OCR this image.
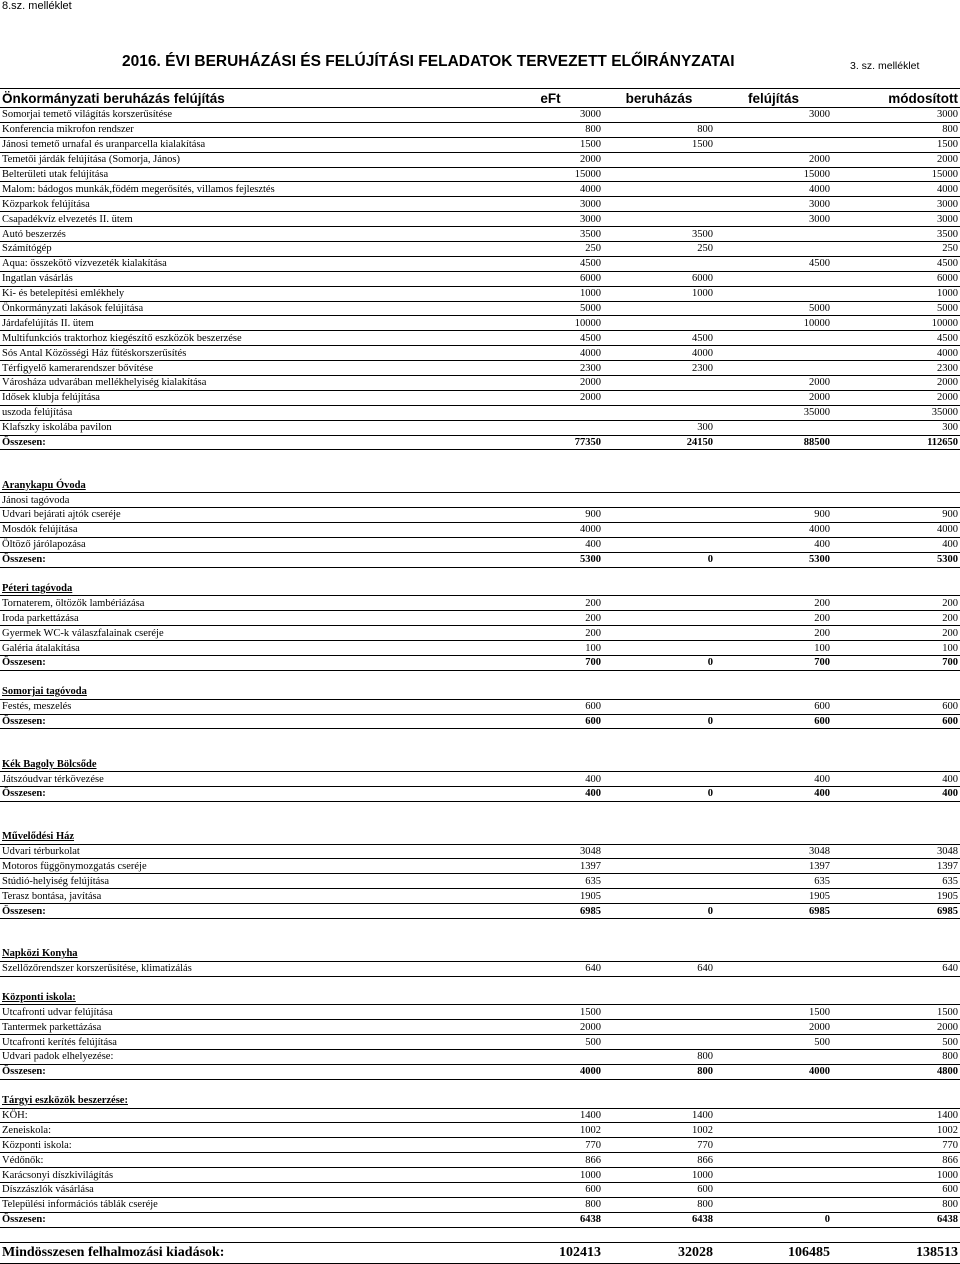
8.sz. melléklet
2016. ÉVI BERUHÁZÁSI ÉS FELÚJÍTÁSI FELADATOK TERVEZETT ELŐIRÁNYZATAI	3. sz. melléklet
Önkormányzati beruházás felújítás	eFt	beruházás	felújítás	módosított
Somorjai temető világítás korszerűsítése	3000		3000	3000
Konferencia mikrofon rendszer	800	800		800
Jánosi temető urnafal és uranparcella kialakítása	1500	1500		1500
Temetői járdák felújítása (Somorja, János)	2000		2000	2000
Belterületi utak felújítása	15000		15000	15000
Malom: bádogos munkák,födém megerősítés, villamos fejlesztés	4000		4000	4000
Közparkok felújítása	3000		3000	3000
Csapadékvíz elvezetés II. ütem	3000		3000	3000
Autó beszerzés	3500	3500		3500
Számítógép	250	250		250
Aqua: összekötő vízvezeték kialakítása	4500		4500	4500
Ingatlan vásárlás	6000	6000		6000
Ki- és betelepítési emlékhely	1000	1000		1000
Önkormányzati lakások felújítása	5000		5000	5000
Járdafelújítás II. ütem	10000		10000	10000
Multifunkciós traktorhoz kiegészítő eszközök beszerzése	4500	4500		4500
Sós Antal Közösségi Ház fűtéskorszerűsítés	4000	4000		4000
Térfigyelő kamerarendszer bővítése	2300	2300		2300
Városháza udvarában mellékhelyiség kialakítása	2000		2000	2000
Idősek klubja felújítása	2000		2000	2000
uszoda felújítása			35000	35000
Klafszky iskolába pavilon		300		300
Összesen:	77350	24150	88500	112650

Aranykapu Óvoda				
Jánosi tagóvoda				
Udvari bejárati ajtók cseréje	900		900	900
Mosdók felújítása	4000		4000	4000
Öltöző járólapozása	400		400	400
Összesen:	5300	0	5300	5300

Péteri tagóvoda				
Tornaterem, öltözők lambériázása	200		200	200
Iroda parkettázása	200		200	200
Gyermek WC-k válaszfalainak cseréje	200		200	200
Galéria átalakítása	100		100	100
Összesen:	700	0	700	700

Somorjai tagóvoda				
Festés, meszelés	600		600	600
Összesen:	600	0	600	600

Kék Bagoly Bölcsőde				
Játszóudvar térkövezése	400		400	400
Összesen:	400	0	400	400

Művelődési Ház				
Udvari térburkolat	3048		3048	3048
Motoros függönymozgatás cseréje	1397		1397	1397
Stúdió-helyiség felújítása	635		635	635
Terasz bontása, javítása	1905		1905	1905
Összesen:	6985	0	6985	6985

Napközi Konyha				
Szellőzőrendszer korszerűsítése, klimatizálás	640	640		640

Központi iskola:				
Utcafronti udvar felújítása	1500		1500	1500
Tantermek parkettázása	2000		2000	2000
Utcafronti kerítés felújítása	500		500	500
Udvari padok elhelyezése:		800		800
Összesen:	4000	800	4000	4800

Tárgyi eszközök beszerzése:				
KÖH:	1400	1400		1400
Zeneiskola:	1002	1002		1002
Központi iskola:	770	770		770
Védőnők:	866	866		866
Karácsonyi díszkivilágítás	1000	1000		1000
Díszzászlók vásárlása	600	600		600
Települési információs táblák cseréje	800	800		800
Összesen:	6438	6438	0	6438

Mindösszesen felhalmozási kiadások:	102413	32028	106485	138513
